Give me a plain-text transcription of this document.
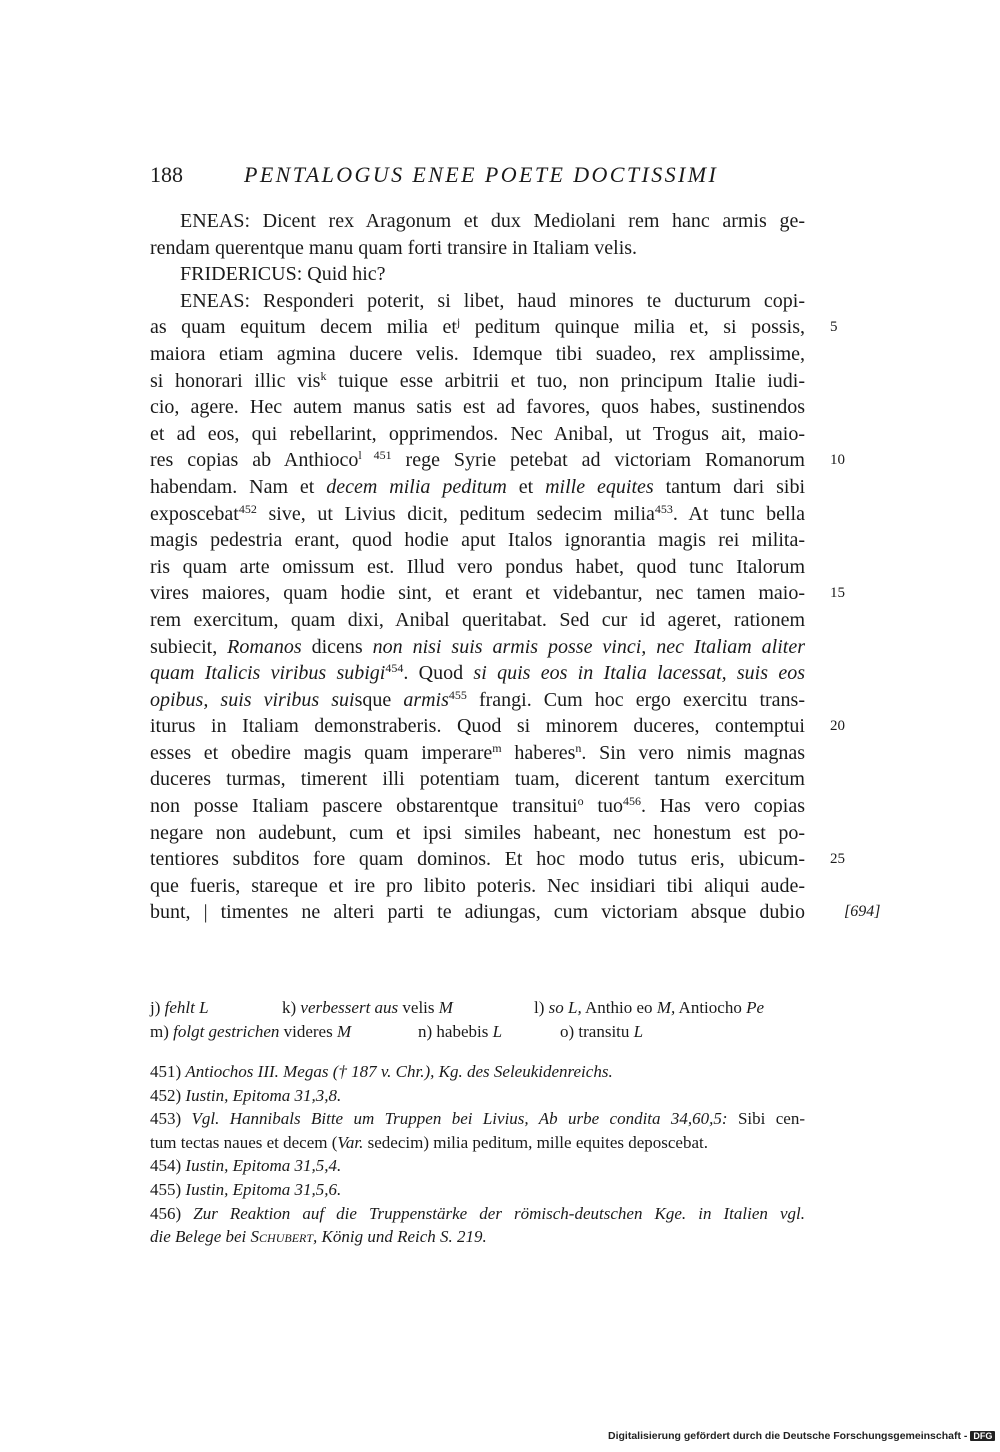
188	PENTALOGUS ENEE POETE DOCTISSIMI
ENEAS: Dicent rex Aragonum et dux Mediolani rem hanc armis ge-
rendam querentque manu quam forti transire in Italiam velis.
FRIDERICUS: Quid hic?
ENEAS: Responderi poterit, si libet, haud minores te ducturum copi-
as quam equitum decem milia $et^j$ peditum quinque milia et, si possis, 5
maiora etiam agmina ducere velis. Idemque tibi suadeo, rex amplissime,
si honorari illic vis$^k$ tuique esse arbitrii et tuo, non principum Italie iudi-
cio, agere. Hec autem manus satis est ad favores, quos habes, sustinendos
et ad eos, qui rebellarint, opprimendos. Nec Anibal, ut Trogus ait, maio-
res copias ab Anthioco$^{l 451}$ rege Syrie petebat ad victoriam Romanorum 10
habendam. Nam et decem milia peditum et mille equites tantum dari sibi
exposcebat$^{452}$ sive, ut Livius dicit, peditum sedecim milia$^{453}$. At tunc bella
magis pedestria erant, quod hodie aput Italos ignorantia magis rei milita-
ris quam arte omissum est. Illud vero pondus habet, quod tunc Italorum
vires maiores, quam hodie sint, et erant et videbantur, nec tamen maio- 15
rem exercitum, quam dixi, Anibal queritabat. Sed cur id ageret, rationem
subiecit, Romanos dicens non nisi suis armis posse vinci, nec Italiam aliter
quam Italicis viribus subigi$^{454}$. Quod si quis eos in Italia lacessat, suis eos
opibus, suis viribus suisque armis$^{455}$ frangi. Cum hoc ergo exercitu trans-
iturus in Italiam demonstraberis. Quod si minorem duceres, contemptui 20
esses et obedire magis quam imperare$^m$ haberes$^n$. Sin vero nimis magnas
duceres turmas, timerent illi potentiam tuam, dicerent tantum exercitum
non posse Italiam pascere obstarentque transitui$^o$ tuo$^{456}$. Has vero copias
negare non audebunt, cum et ipsi similes habeant, nec honestum est po-
tentiores subditos fore quam dominos. Et hoc modo tutus eris, ubicum- 25
que fueris, stareque et ire pro libito poteris. Nec insidiari tibi aliqui aude-
bunt, | timentes ne alteri parti te adiungas, cum victoriam absque dubio [694]
j) fehlt L	k) verbessert aus velis M	l) so L, Anthio eo M, Antiocho Pe
m) folgt gestrichen videres M	n) habebis L	o) transitu L
451) Antiochos III. Megas († 187 v. Chr.), Kg. des Seleukidenreichs.
452) Iustin, Epitoma 31,3,8.
453) Vgl. Hannibals Bitte um Truppen bei Livius, Ab urbe condita 34,60,5: Sibi cen-
tum tectas naues et decem (Var. sedecim) milia peditum, mille equites deposcebat.
454) Iustin, Epitoma 31,5,4.
455) Iustin, Epitoma 31,5,6.
456) Zur Reaktion auf die Truppenstärke der römisch-deutschen Kge. in Italien vgl.
die Belege bei Schubert, König und Reich S. 219.
Digitalisierung gefördert durch die Deutsche Forschungsgemeinschaft - DFG
